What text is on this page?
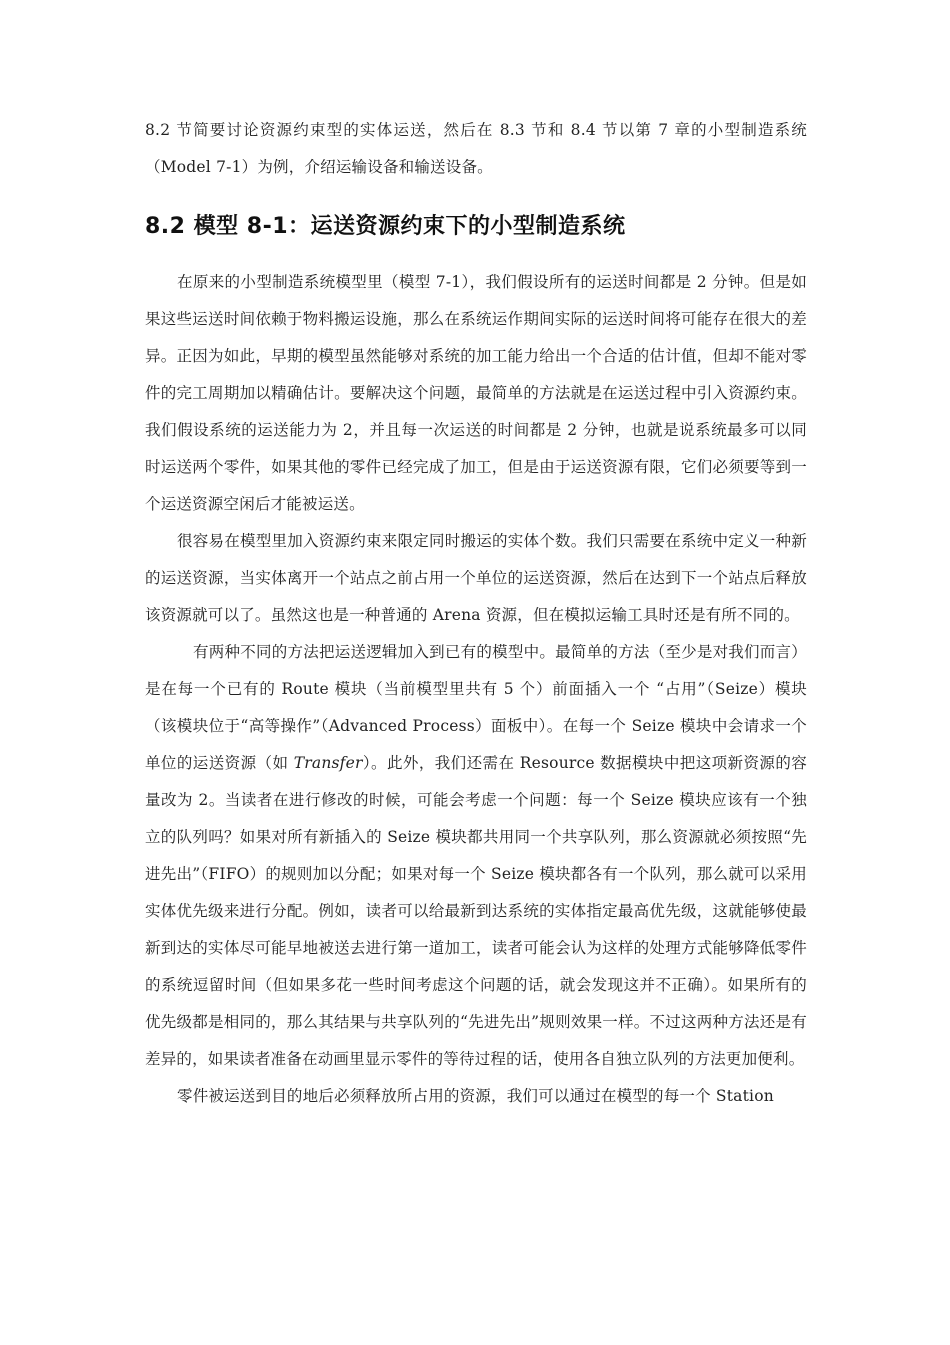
8.2 节简要讨论资源约束型的实体运送，然后在 8.3 节和 8.4 节以第 7 章的小型制造系统（Model 7-1）为例，介绍运输设备和输送设备。

8.2 模型 8-1：运送资源约束下的小型制造系统

在原来的小型制造系统模型里（模型 7-1），我们假设所有的运送时间都是 2 分钟。但是如果这些运送时间依赖于物料搬运设施，那么在系统运作期间实际的运送时间将可能存在很大的差异。正因为如此，早期的模型虽然能够对系统的加工能力给出一个合适的估计值，但却不能对零件的完工周期加以精确估计。要解决这个问题，最简单的方法就是在运送过程中引入资源约束。我们假设系统的运送能力为 2，并且每一次运送的时间都是 2 分钟，也就是说系统最多可以同时运送两个零件，如果其他的零件已经完成了加工，但是由于运送资源有限，它们必须要等到一个运送资源空闲后才能被运送。

很容易在模型里加入资源约束来限定同时搬运的实体个数。我们只需要在系统中定义一种新的运送资源，当实体离开一个站点之前占用一个单位的运送资源，然后在达到下一个站点后释放该资源就可以了。虽然这也是一种普通的 Arena 资源，但在模拟运输工具时还是有所不同的。

有两种不同的方法把运送逻辑加入到已有的模型中。最简单的方法（至少是对我们而言）是在每一个已有的 Route 模块（当前模型里共有 5 个）前面插入一个 “占用”（Seize）模块（该模块位于“高等操作”（Advanced Process）面板中）。在每一个 Seize 模块中会请求一个单位的运送资源（如 Transfer）。此外，我们还需在 Resource 数据模块中把这项新资源的容量改为 2。当读者在进行修改的时候，可能会考虑一个问题：每一个 Seize 模块应该有一个独立的队列吗？如果对所有新插入的 Seize 模块都共用同一个共享队列，那么资源就必须按照“先进先出”（FIFO）的规则加以分配；如果对每一个 Seize 模块都各有一个队列，那么就可以采用实体优先级来进行分配。例如，读者可以给最新到达系统的实体指定最高优先级，这就能够使最新到达的实体尽可能早地被送去进行第一道加工，读者可能会认为这样的处理方式能够降低零件的系统逗留时间（但如果多花一些时间考虑这个问题的话，就会发现这并不正确）。如果所有的优先级都是相同的，那么其结果与共享队列的“先进先出”规则效果一样。不过这两种方法还是有差异的，如果读者准备在动画里显示零件的等待过程的话，使用各自独立队列的方法更加便利。

零件被运送到目的地后必须释放所占用的资源，我们可以通过在模型的每一个 Station
